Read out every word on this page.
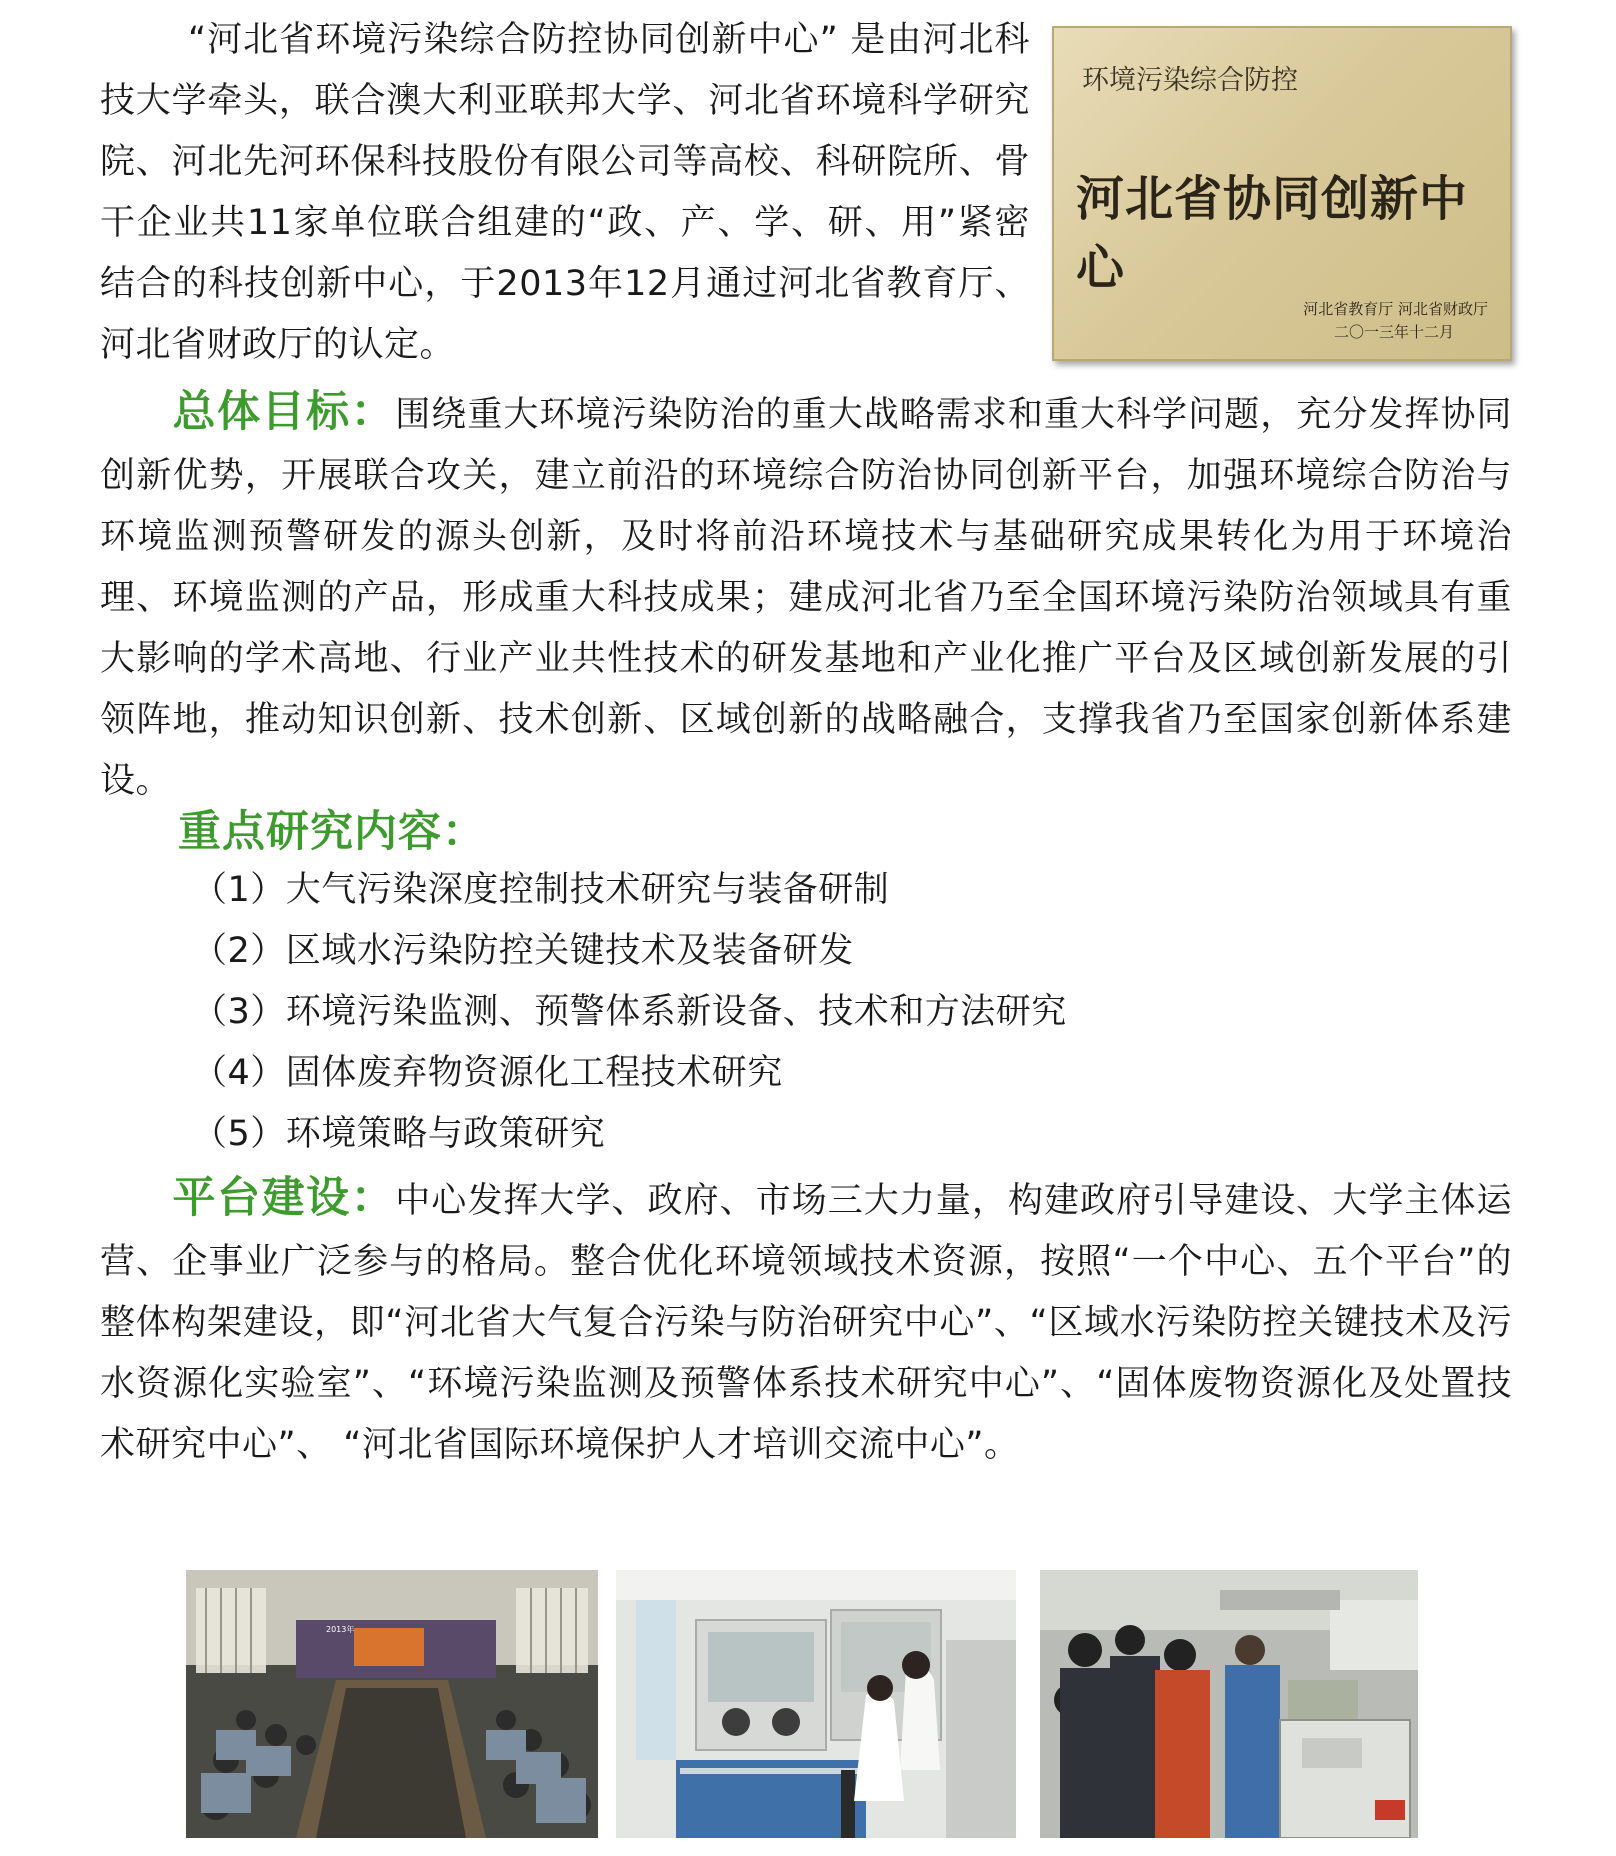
“河北省环境污染综合防控协同创新中心” 是由河北科技大学牵头，联合澳大利亚联邦大学、河北省环境科学研究院、河北先河环保科技股份有限公司等高校、科研院所、骨干企业共11家单位联合组建的“政、产、学、研、用”紧密结合的科技创新中心，于2013年12月通过河北省教育厅、河北省财政厅的认定。

环境污染综合防控
河北省协同创新中心
河北省教育厅 河北省财政厅
二〇一三年十二月

总体目标：围绕重大环境污染防治的重大战略需求和重大科学问题，充分发挥协同创新优势，开展联合攻关，建立前沿的环境综合防治协同创新平台，加强环境综合防治与环境监测预警研发的源头创新，及时将前沿环境技术与基础研究成果转化为用于环境治理、环境监测的产品，形成重大科技成果；建成河北省乃至全国环境污染防治领域具有重大影响的学术高地、行业产业共性技术的研发基地和产业化推广平台及区域创新发展的引领阵地，推动知识创新、技术创新、区域创新的战略融合，支撑我省乃至国家创新体系建设。

重点研究内容：
（1）大气污染深度控制技术研究与装备研制
（2）区域水污染防控关键技术及装备研发
（3）环境污染监测、预警体系新设备、技术和方法研究
（4）固体废弃物资源化工程技术研究
（5）环境策略与政策研究

平台建设：中心发挥大学、政府、市场三大力量，构建政府引导建设、大学主体运营、企事业广泛参与的格局。整合优化环境领域技术资源，按照“一个中心、五个平台”的整体构架建设，即“河北省大气复合污染与防治研究中心”、“区域水污染防控关键技术及污水资源化实验室”、“环境污染监测及预警体系技术研究中心”、“固体废物资源化及处置技术研究中心”、 “河北省国际环境保护人才培训交流中心”。

2013年
